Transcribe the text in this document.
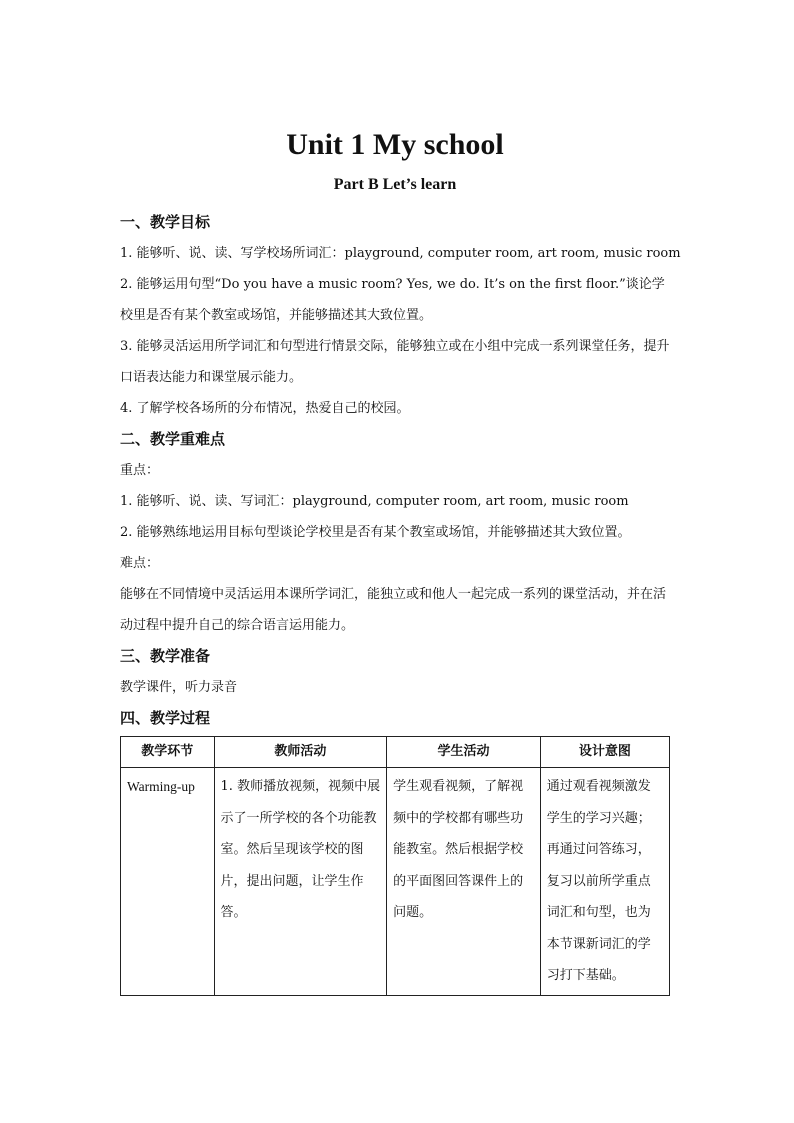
Unit 1 My school
Part B Let’s learn
一、教学目标
1. 能够听、说、读、写学校场所词汇：playground, computer room, art room, music room
2. 能够运用句型“Do you have a music room? Yes, we do. It’s on the first floor.”谈论学校里是否有某个教室或场馆，并能够描述其大致位置。
3. 能够灵活运用所学词汇和句型进行情景交际，能够独立或在小组中完成一系列课堂任务，提升口语表达能力和课堂展示能力。
4. 了解学校各场所的分布情况，热爱自己的校园。
二、教学重难点
重点：
1. 能够听、说、读、写词汇：playground, computer room, art room, music room
2. 能够熟练地运用目标句型谈论学校里是否有某个教室或场馆，并能够描述其大致位置。
难点：
能够在不同情境中灵活运用本课所学词汇，能独立或和他人一起完成一系列的课堂活动，并在活动过程中提升自己的综合语言运用能力。
三、教学准备
教学课件，听力录音
四、教学过程
教学环节	教师活动	学生活动	设计意图
Warming-up	1. 教师播放视频，视频中展示了一所学校的各个功能教室。然后呈现该学校的图片，提出问题，让学生作答。	学生观看视频，了解视频中的学校都有哪些功能教室。然后根据学校的平面图回答课件上的问题。	通过观看视频激发学生的学习兴趣；再通过问答练习，复习以前所学重点词汇和句型，也为本节课新词汇的学习打下基础。
